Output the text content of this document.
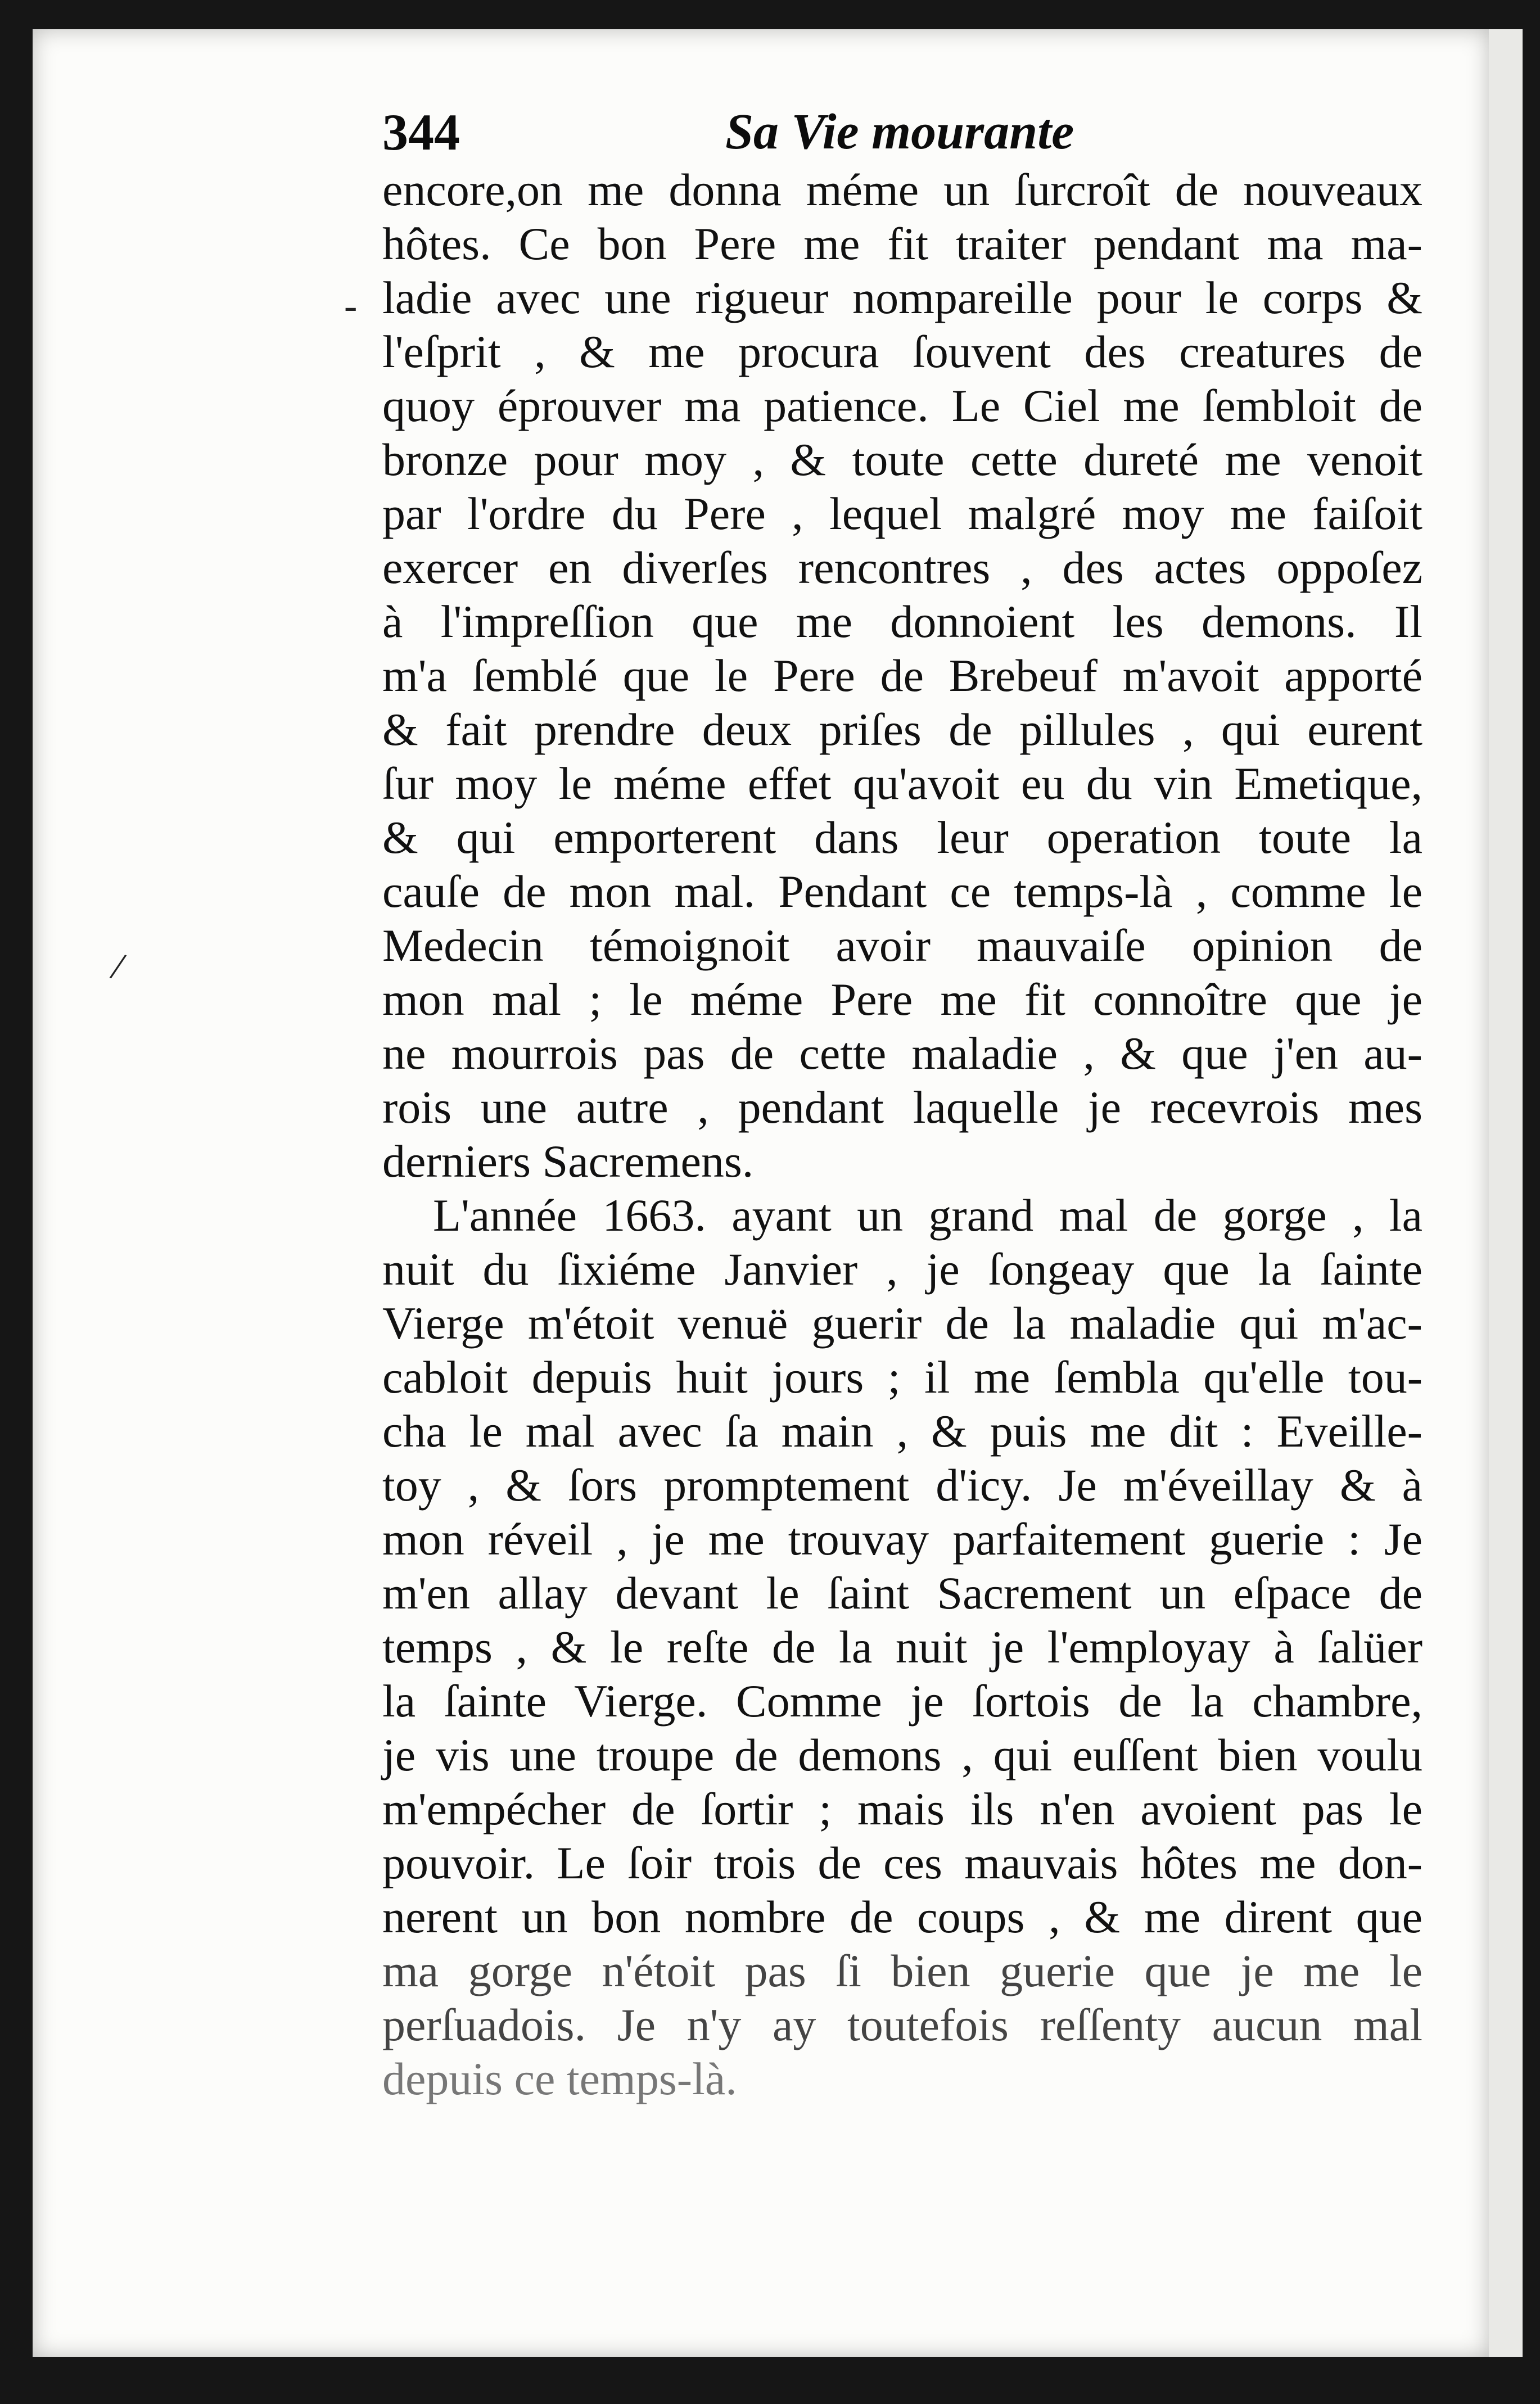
344	Sa Vie mourante
-
/
encore,on me donna méme un ſurcroît de nouveaux
hôtes. Ce bon Pere me fit traiter pendant ma ma-
ladie avec une rigueur nompareille pour le corps &
l'eſprit , & me procura ſouvent des creatures de
quoy éprouver ma patience. Le Ciel me ſembloit de
bronze pour moy , & toute cette dureté me venoit
par l'ordre du Pere , lequel malgré moy me faiſoit
exercer en diverſes rencontres , des actes oppoſez
à l'impreſſion que me donnoient les demons. Il
m'a ſemblé que le Pere de Brebeuf m'avoit apporté
& fait prendre deux priſes de pillules , qui eurent
ſur moy le méme effet qu'avoit eu du vin Emetique,
& qui emporterent dans leur operation toute la
cauſe de mon mal. Pendant ce temps-là , comme le
Medecin témoignoit avoir mauvaiſe opinion de
mon mal ; le méme Pere me fit connoître que je
ne mourrois pas de cette maladie , & que j'en au-
rois une autre , pendant laquelle je recevrois mes
derniers Sacremens.
L'année 1663. ayant un grand mal de gorge , la
nuit du ſixiéme Janvier , je ſongeay que la ſainte
Vierge m'étoit venuë guerir de la maladie qui m'ac-
cabloit depuis huit jours ; il me ſembla qu'elle tou-
cha le mal avec ſa main , & puis me dit : Eveille-
toy , & ſors promptement d'icy. Je m'éveillay & à
mon réveil , je me trouvay parfaitement guerie : Je
m'en allay devant le ſaint Sacrement un eſpace de
temps , & le reſte de la nuit je l'employay à ſalüer
la ſainte Vierge. Comme je ſortois de la chambre,
je vis une troupe de demons , qui euſſent bien voulu
m'empécher de ſortir ; mais ils n'en avoient pas le
pouvoir. Le ſoir trois de ces mauvais hôtes me don-
nerent un bon nombre de coups , & me dirent que
ma gorge n'étoit pas ſi bien guerie que je me le
perſuadois. Je n'y ay toutefois reſſenty aucun mal
depuis ce temps-là.
